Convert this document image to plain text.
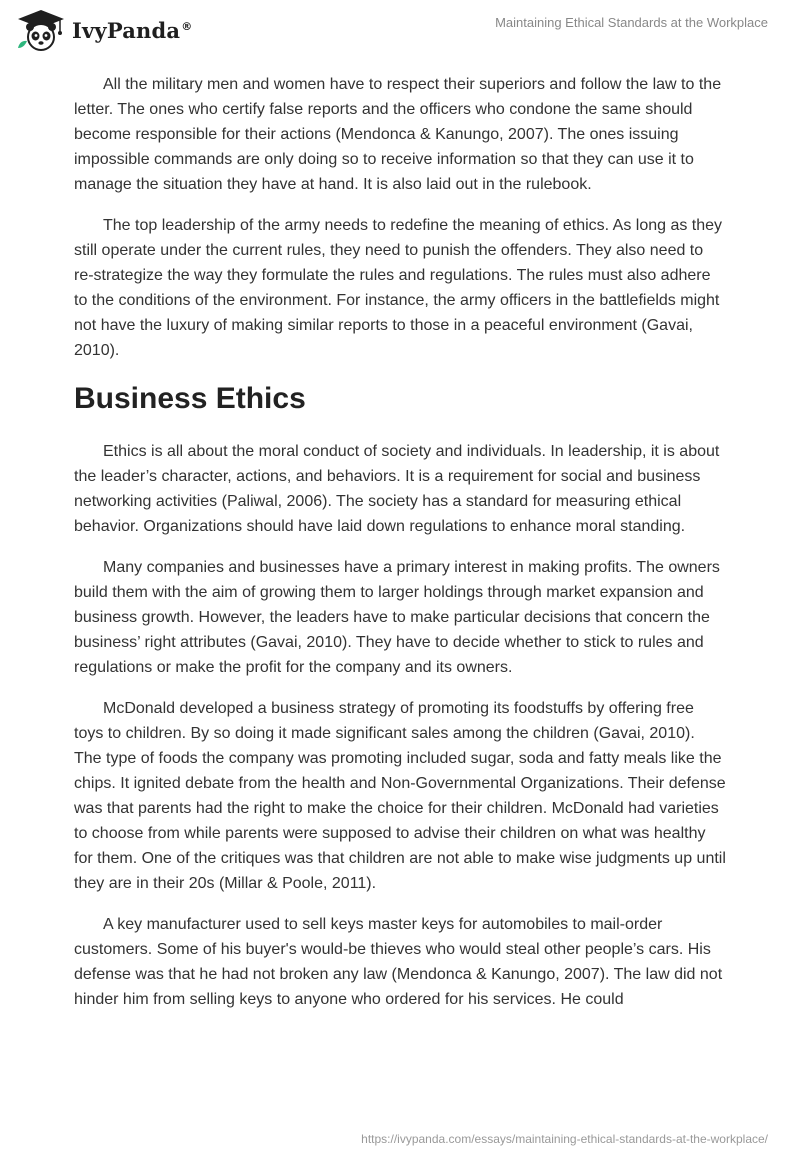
IvyPanda®	Maintaining Ethical Standards at the Workplace

All the military men and women have to respect their superiors and follow the law to the letter. The ones who certify false reports and the officers who condone the same should become responsible for their actions (Mendonca & Kanungo, 2007). The ones issuing impossible commands are only doing so to receive information so that they can use it to manage the situation they have at hand. It is also laid out in the rulebook.

The top leadership of the army needs to redefine the meaning of ethics. As long as they still operate under the current rules, they need to punish the offenders. They also need to re-strategize the way they formulate the rules and regulations. The rules must also adhere to the conditions of the environment. For instance, the army officers in the battlefields might not have the luxury of making similar reports to those in a peaceful environment (Gavai, 2010).

Business Ethics

Ethics is all about the moral conduct of society and individuals. In leadership, it is about the leader’s character, actions, and behaviors. It is a requirement for social and business networking activities (Paliwal, 2006). The society has a standard for measuring ethical behavior. Organizations should have laid down regulations to enhance moral standing.

Many companies and businesses have a primary interest in making profits. The owners build them with the aim of growing them to larger holdings through market expansion and business growth. However, the leaders have to make particular decisions that concern the business’ right attributes (Gavai, 2010). They have to decide whether to stick to rules and regulations or make the profit for the company and its owners.

McDonald developed a business strategy of promoting its foodstuffs by offering free toys to children. By so doing it made significant sales among the children (Gavai, 2010). The type of foods the company was promoting included sugar, soda and fatty meals like the chips. It ignited debate from the health and Non-Governmental Organizations. Their defense was that parents had the right to make the choice for their children. McDonald had varieties to choose from while parents were supposed to advise their children on what was healthy for them. One of the critiques was that children are not able to make wise judgments up until they are in their 20s (Millar & Poole, 2011).

A key manufacturer used to sell keys master keys for automobiles to mail-order customers. Some of his buyer's would-be thieves who would steal other people’s cars. His defense was that he had not broken any law (Mendonca & Kanungo, 2007). The law did not hinder him from selling keys to anyone who ordered for his services. He could

https://ivypanda.com/essays/maintaining-ethical-standards-at-the-workplace/
